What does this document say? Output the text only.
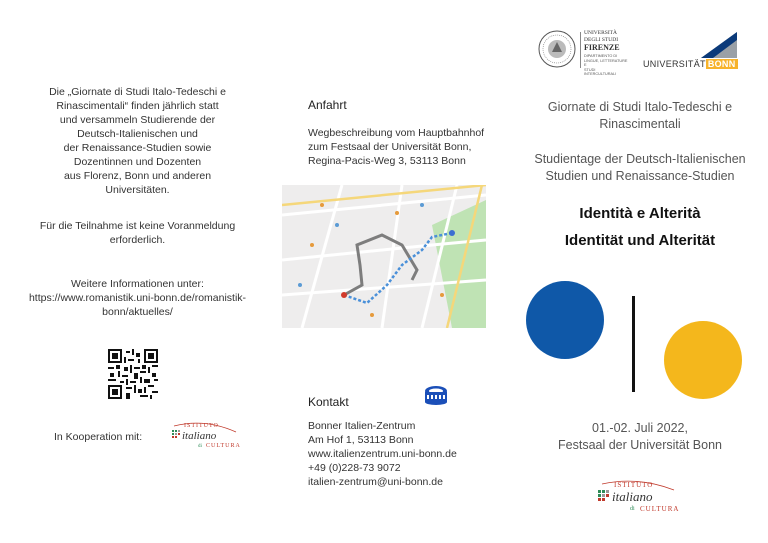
Die „Giornate di Studi Italo-Tedeschi e
Rinascimentali“ finden jährlich statt
und versammeln Studierende der
Deutsch-Italienischen und
der Renaissance-Studien sowie
Dozentinnen und Dozenten
aus Florenz, Bonn und anderen
Universitäten.
Für die Teilnahme ist keine Voranmeldung
erforderlich.
Weitere Informationen unter:
https://www.romanistik.uni-bonn.de/romanistik-
bonn/aktuelles/
In Kooperation mit:
ISTITUTO
italiano
di CULTURA
Anfahrt
Wegbeschreibung vom Hauptbahnhof
zum Festsaal der Universität Bonn,
Regina-Pacis-Weg 3, 53113 Bonn
Kontakt
Bonner Italien-Zentrum
Am Hof 1, 53113 Bonn
www.italienzentrum.uni-bonn.de
+49 (0)228-73 9072
italien-zentrum@uni-bonn.de
UNIVERSITÀ
DEGLI STUDI
FIRENZE
DIPARTIMENTO DI
LINGUE, LETTERATURE E
STUDI INTERCULTURALI
UNIVERSITÄT BONN
Giornate di Studi Italo-Tedeschi e
Rinascimentali
Studientage der Deutsch-Italienischen
Studien und Renaissance-Studien
Identità e Alterità
Identität und Alterität
01.-02. Juli 2022,
Festsaal der Universität Bonn
ISTITUTO
italiano
di CULTURA
